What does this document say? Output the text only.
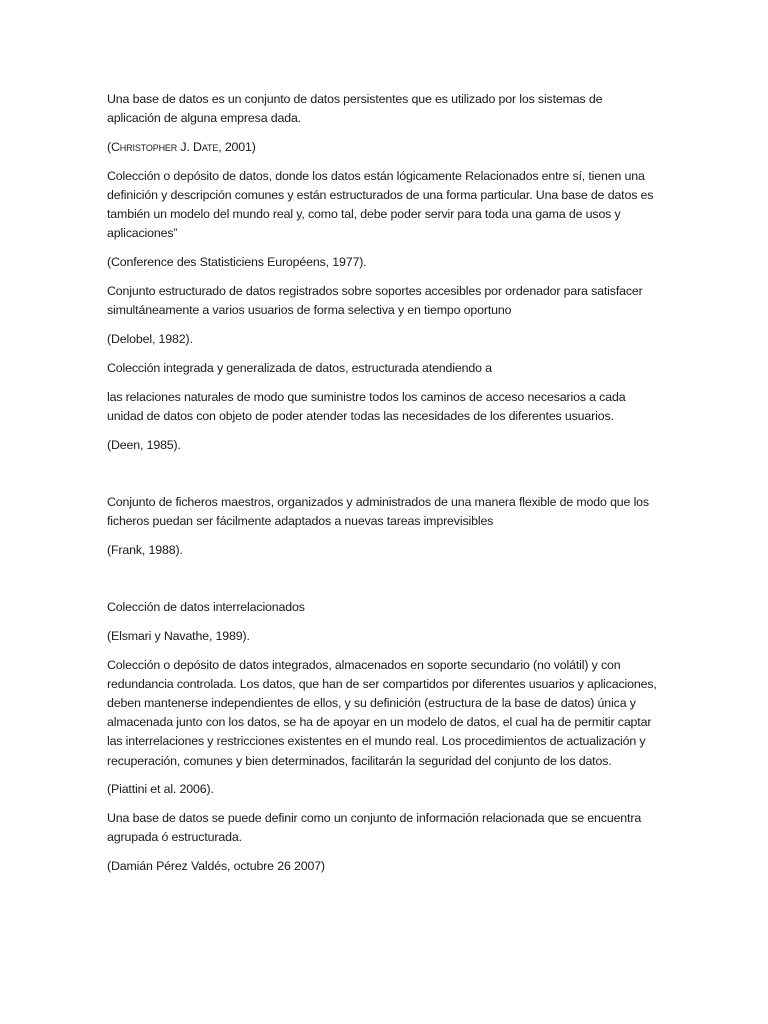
Una base de datos es un conjunto de datos persistentes que es utilizado por los sistemas de aplicación de alguna empresa dada.

(Christopher J. Date, 2001)

Colección o depósito de datos, donde los datos están lógicamente Relacionados entre sí, tienen una definición y descripción comunes y están estructurados de una forma particular. Una base de datos es también un modelo del mundo real y, como tal, debe poder servir para toda una gama de usos y aplicaciones”

(Conference des Statisticiens Européens, 1977).

Conjunto estructurado de datos registrados sobre soportes accesibles por ordenador para satisfacer simultáneamente a varios usuarios de forma selectiva y en tiempo oportuno

(Delobel, 1982).

Colección integrada y generalizada de datos, estructurada atendiendo a

las relaciones naturales de modo que suministre todos los caminos de acceso necesarios a cada unidad de datos con objeto de poder atender todas las necesidades de los diferentes usuarios.

(Deen, 1985).

Conjunto de ficheros maestros, organizados y administrados de una manera flexible de modo que los ficheros puedan ser fácilmente adaptados a nuevas tareas imprevisibles

(Frank, 1988).

Colección de datos interrelacionados

(Elsmari y Navathe, 1989).

Colección o depósito de datos integrados, almacenados en soporte secundario (no volátil) y con redundancia controlada. Los datos, que han de ser compartidos por diferentes usuarios y aplicaciones, deben mantenerse independientes de ellos, y su definición (estructura de la base de datos) única y almacenada junto con los datos, se ha de apoyar en un modelo de datos, el cual ha de permitir captar las interrelaciones y restricciones existentes en el mundo real. Los procedimientos de actualización y recuperación, comunes y bien determinados, facilitarán la seguridad del conjunto de los datos.

(Piattini et al. 2006).

Una base de datos se puede definir como un conjunto de información relacionada que se encuentra agrupada ó estructurada.

(Damián Pérez Valdés, octubre 26 2007)
